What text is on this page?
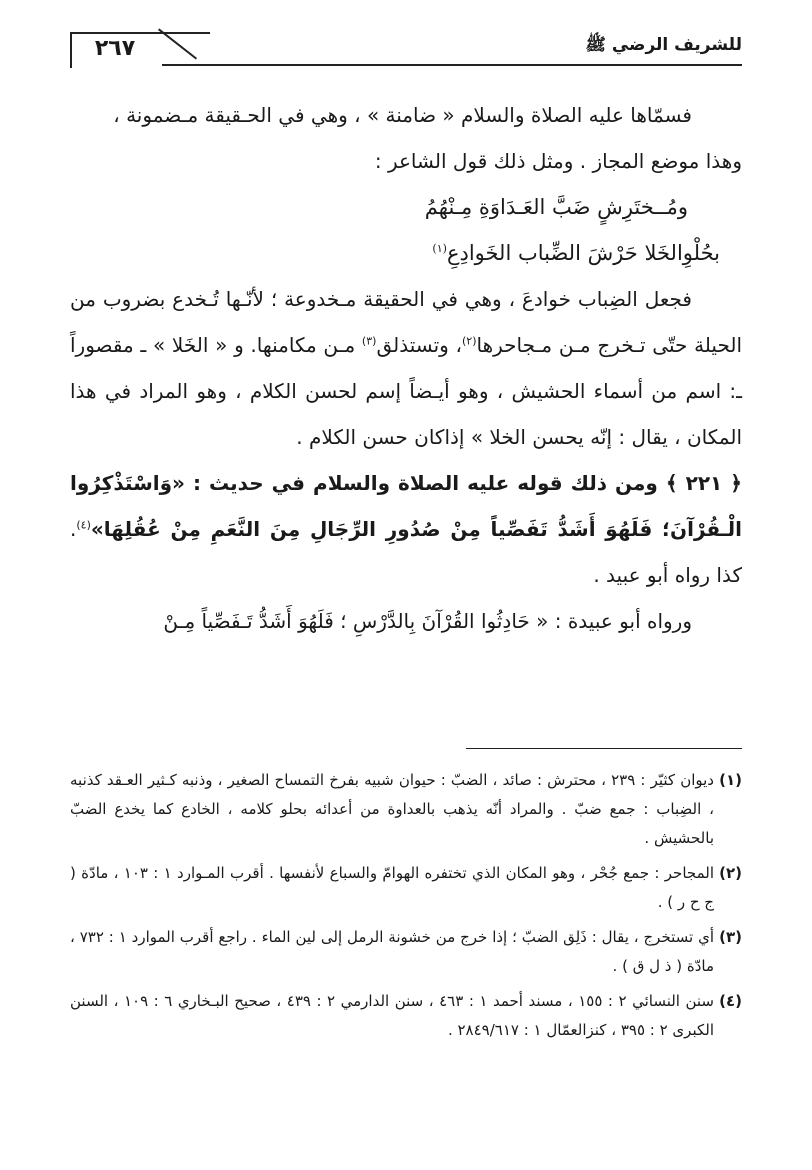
٢٦٧	للشريف الرضي ﷺ

فسمّاها عليه الصلاة والسلام « ضامنة » ، وهي في الحـقيقة مـضمونة ،

وهذا موضع المجاز . ومثل ذلك قول الشاعر :

ومُــختَرِشٍ ضَبَّ العَـدَاوَةِ مِـنْهُمُ

بحُلْوِالخَلا حَرْشَ الضِّباب الخَوادِعِ$^{(١)}$

فجعل الضِباب خوادعَ ، وهي في الحقيقة مـخدوعة ؛ لأنّـها تُـخدع بضروب من الحيلة حتّى تـخرج مـن مـجاحرها$^{(٢)}$، وتستذلق$^{(٣)}$ مـن مكامنها. و « الخَلا » ـ مقصوراً ـ: اسم من أسماء الحشيش ، وهو أيـضاً إسم لحسن الكلام ، وهو المراد في هذا المكان ، يقال : إنّه يحسن الخلا » إذاكان حسن الكلام .

﴿ ٢٢١ ﴾ ومن ذلك قوله عليه الصلاة والسلام في حديث : «وَاسْتَذْكِرُوا الْـقُرْآنَ؛ فَلَهُوَ أَشَدُّ تَفَصِّياً مِنْ صُدُورِ الرِّجَالِ مِنَ النَّعَمِ مِنْ عُقُلِهَا»$^{(٤)}$. كذا رواه أبو عبيد .

ورواه أبو عبيدة : « حَادِثُوا القُرْآنَ بِالدَّرْسِ ؛ فَلَهُوَ أَشَدُّ تَـفَصِّياً مِـنْ

(١)
ديوان كثيّر : ٢٣٩ ، محترش : صائد ، الضبّ : حيوان شبيه بفرخ التمساح الصغير ، وذنبه كـثير العـقد كذنبه ، الضِباب : جمع ضبّ . والمراد أنّه يذهب بالعداوة من أعدائه بحلو كلامه ، الخادع كما يخدع الضبّ بالحشيش .

(٢)
المجاحر : جمع جُحْر ، وهو المكان الذي تختفره الهوامّ والسباع لأنفسها . أقرب المـوارد ١ : ١٠٣ ، مادّة ( ج ح ر ) .

(٣)
أي تستخرج ، يقال : ذَلِق الضبّ ؛ إذا خرج من خشونة الرمل إلى لين الماء . راجع أقرب الموارد ١ : ٧٣٢ ، مادّة ( ذ ل ق ) .

(٤)
سنن النسائي ٢ : ١٥٥ ، مسند أحمد ١ : ٤٦٣ ، سنن الدارمي ٢ : ٤٣٩ ، صحيح البـخاري ٦ : ١٠٩ ، السنن الكبرى ٢ : ٣٩٥ ، كنزالعمّال ١ : ٢٨٤٩/٦١٧ .
